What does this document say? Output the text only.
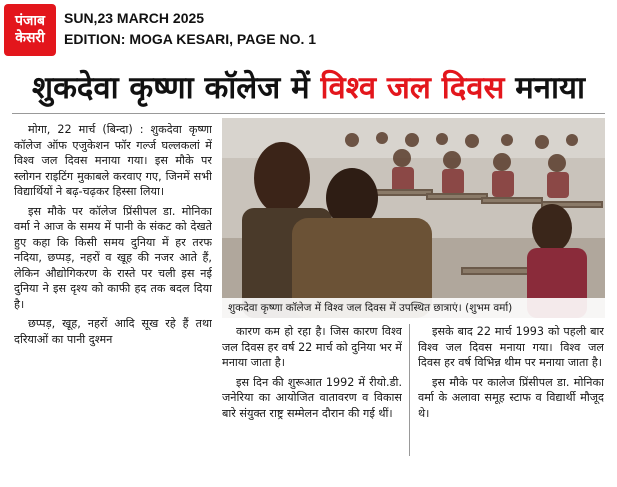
पंजाब
केसरी
SUN,23 MARCH 2025
EDITION: MOGA KESARI, PAGE NO. 1
शुकदेवा कृष्णा कॉलेज में विश्व जल दिवस मनाया

मोगा, 22 मार्च (बिन्दा) : शुकदेवा कृष्णा कॉलेज ऑफ एजुकेशन फॉर गर्ल्ज घल्लकलां में विश्व जल दिवस मनाया गया। इस मौके पर स्लोगन राइटिंग मुकाबले करवाए गए, जिनमें सभी विद्यार्थियों ने बढ़-चढ़कर हिस्सा लिया।

इस मौके पर कॉलेज प्रिंसीपल डा. मोनिका वर्मा ने आज के समय में पानी के संकट को देखते हुए कहा कि किसी समय दुनिया में हर तरफ नदिया, छप्पड़, नहरों व खूह की नजर आते हैं, लेकिन औद्योगिकरण के रास्ते पर चली इस नई दुनिया ने इस दृश्य को काफी हद तक बदल दिया है।

छप्पड़, खूह, नहरों आदि सूख रहे हैं तथा दरियाओं का पानी दुश्मन

शुकदेवा कृष्णा कॉलेज में विश्व जल दिवस में उपस्थित छात्राएं। (शुभम वर्मा)

कारण कम हो रहा है। जिस कारण विश्व जल दिवस हर वर्ष 22 मार्च को दुनिया भर में मनाया जाता है।

इस दिन की शुरूआत 1992 में रीयो.डी. जनेरिया का आयोजित वातावरण व विकास बारे संयुक्त राष्ट्र सम्मेलन दौरान की गई थीं।

इसके बाद 22 मार्च 1993 को पहली बार विश्व जल दिवस मनाया गया। विश्व जल दिवस हर वर्ष विभिन्न थीम पर मनाया जाता है।

इस मौके पर कालेज प्रिंसीपल डा. मोनिका वर्मा के अलावा समूह स्टाफ व विद्यार्थी मौजूद थे।
